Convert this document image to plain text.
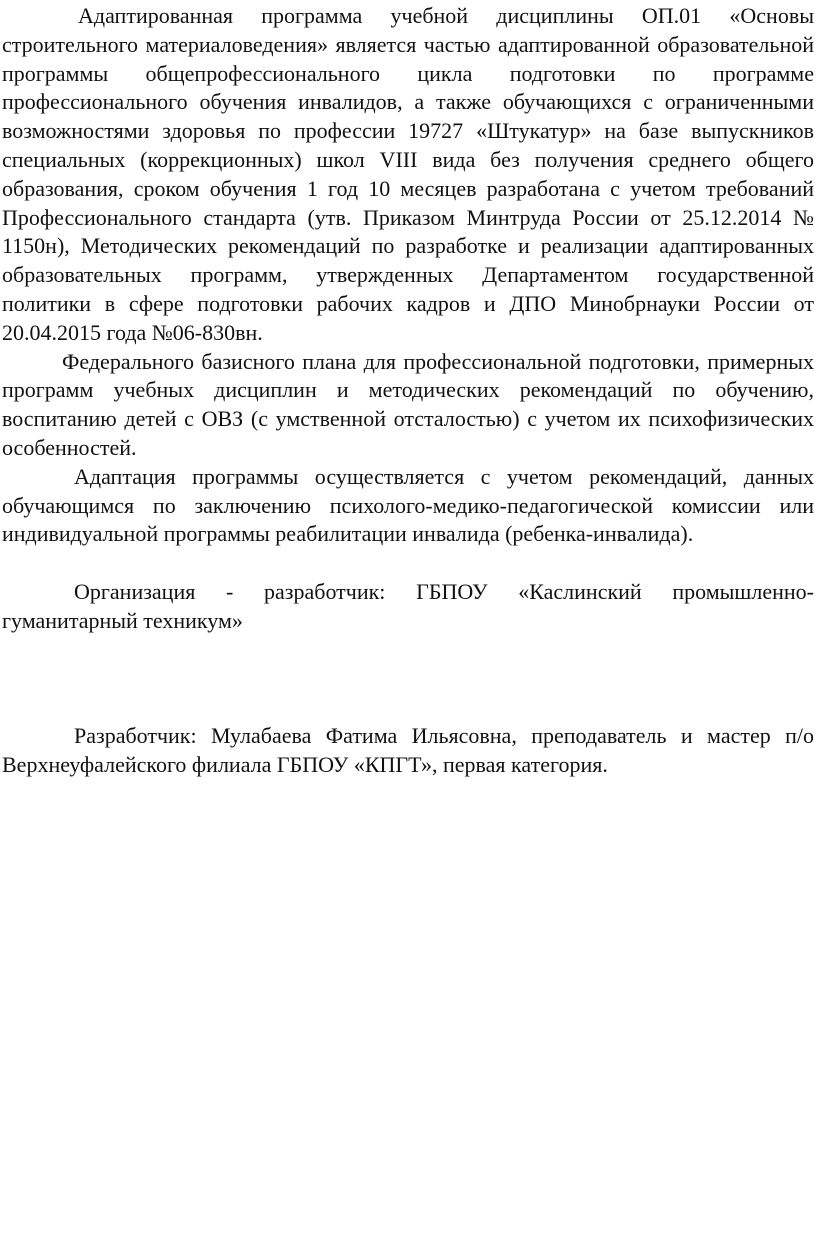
Адаптированная программа учебной дисциплины ОП.01 «Основы строительного материаловедения» является частью адаптированной образовательной программы общепрофессионального цикла подготовки по программе профессионального обучения инвалидов, а также обучающихся с ограниченными возможностями здоровья по профессии 19727 «Штукатур» на базе выпускников специальных (коррекционных) школ VIII вида без получения среднего общего образования, сроком обучения 1 год 10 месяцев разработана с учетом требований Профессионального стандарта (утв. Приказом Минтруда России от 25.12.2014 № 1150н), Методических рекомендаций по разработке и реализации адаптированных образовательных программ, утвержденных Департаментом государственной политики в сфере подготовки рабочих кадров и ДПО Минобрнауки России от 20.04.2015 года №06-830вн.

Федерального базисного плана для профессиональной подготовки, примерных программ учебных дисциплин и методических рекомендаций по обучению, воспитанию детей с ОВЗ (с умственной отсталостью) с учетом их психофизических особенностей.

Адаптация программы осуществляется с учетом рекомендаций, данных обучающимся по заключению психолого-медико-педагогической комиссии или индивидуальной программы реабилитации инвалида (ребенка-инвалида).

Организация - разработчик: ГБПОУ «Каслинский промышленно-гуманитарный техникум»

Разработчик: Мулабаева Фатима Ильясовна, преподаватель и мастер п/о Верхнеуфалейского филиала ГБПОУ «КПГТ», первая категория.
